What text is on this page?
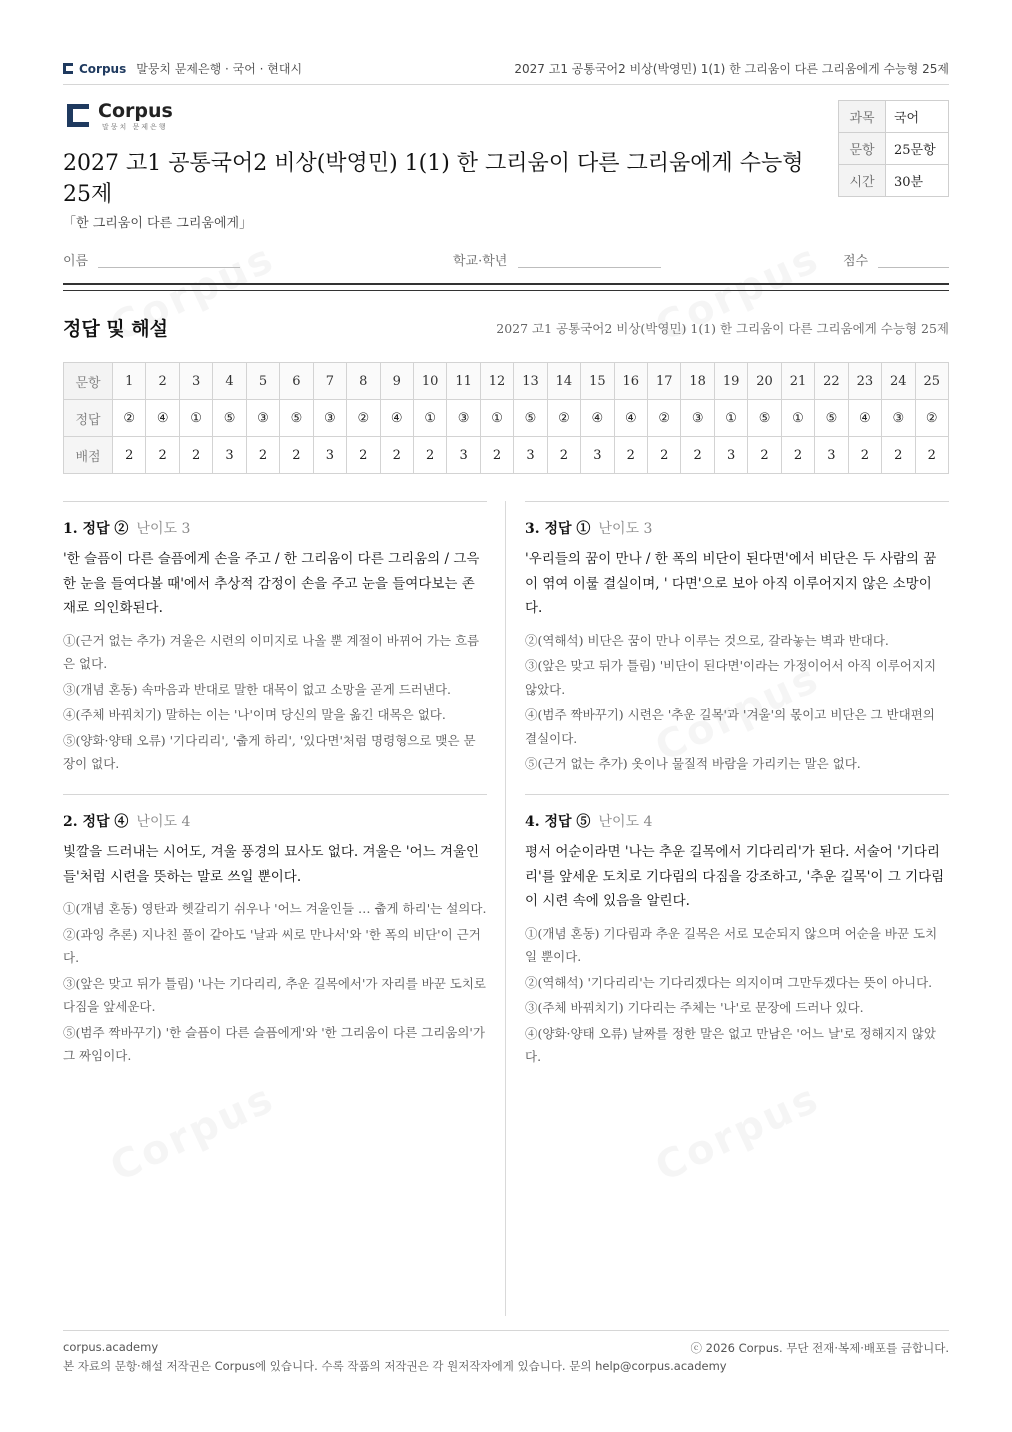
Corpus 말뭉치 문제은행 · 국어 · 현대시	2027 고1 공통국어2 비상(박영민) 1(1) 한 그리움이 다른 그리움에게 수능형 25제
Corpus
말뭉치 문제은행
2027 고1 공통국어2 비상(박영민) 1(1) 한 그리움이 다른 그리움에게 수능형 25제
「한 그리움이 다른 그리움에게」
과목	국어
문항	25문항
시간	30분
이름	학교·학년	점수
정답 및 해설	2027 고1 공통국어2 비상(박영민) 1(1) 한 그리움이 다른 그리움에게 수능형 25제
문항	1	2	3	4	5	6	7	8	9	10	11	12	13	14	15	16	17	18	19	20	21	22	23	24	25
정답	②	④	①	⑤	③	⑤	③	②	④	①	③	①	⑤	②	④	④	②	③	①	⑤	①	⑤	④	③	②
배점	2	2	2	3	2	2	3	2	2	2	3	2	3	2	3	2	2	2	3	2	2	3	2	2	2
1. 정답 ② 난이도 3
'한 슬픔이 다른 슬픔에게 손을 주고 / 한 그리움이 다른 그리움의 / 그윽한 눈을 들여다볼 때'에서 추상적 감정이 손을 주고 눈을 들여다보는 존재로 의인화된다.
①(근거 없는 추가) 겨울은 시련의 이미지로 나올 뿐 계절이 바뀌어 가는 흐름은 없다.
③(개념 혼동) 속마음과 반대로 말한 대목이 없고 소망을 곧게 드러낸다.
④(주체 바꿔치기) 말하는 이는 '나'이며 당신의 말을 옮긴 대목은 없다.
⑤(양화·양태 오류) '기다리리', '춥게 하리', '있다면'처럼 명령형으로 맺은 문장이 없다.
2. 정답 ④ 난이도 4
빛깔을 드러내는 시어도, 겨울 풍경의 묘사도 없다. 겨울은 '어느 겨울인들'처럼 시련을 뜻하는 말로 쓰일 뿐이다.
①(개념 혼동) 영탄과 헷갈리기 쉬우나 '어느 겨울인들 … 춥게 하리'는 설의다.
②(과잉 추론) 지나친 풀이 같아도 '날과 씨로 만나서'와 '한 폭의 비단'이 근거다.
③(앞은 맞고 뒤가 틀림) '나는 기다리리, 추운 길목에서'가 자리를 바꾼 도치로 다짐을 앞세운다.
⑤(범주 짝바꾸기) '한 슬픔이 다른 슬픔에게'와 '한 그리움이 다른 그리움의'가 그 짜임이다.
3. 정답 ① 난이도 3
'우리들의 꿈이 만나 / 한 폭의 비단이 된다면'에서 비단은 두 사람의 꿈이 엮여 이룰 결실이며, ' 다면'으로 보아 아직 이루어지지 않은 소망이다.
②(역해석) 비단은 꿈이 만나 이루는 것으로, 갈라놓는 벽과 반대다.
③(앞은 맞고 뒤가 틀림) '비단이 된다면'이라는 가정이어서 아직 이루어지지 않았다.
④(범주 짝바꾸기) 시련은 '추운 길목'과 '겨울'의 몫이고 비단은 그 반대편의 결실이다.
⑤(근거 없는 추가) 옷이나 물질적 바람을 가리키는 말은 없다.
4. 정답 ⑤ 난이도 4
평서 어순이라면 '나는 추운 길목에서 기다리리'가 된다. 서술어 '기다리리'를 앞세운 도치로 기다림의 다짐을 강조하고, '추운 길목'이 그 기다림이 시련 속에 있음을 알린다.
①(개념 혼동) 기다림과 추운 길목은 서로 모순되지 않으며 어순을 바꾼 도치일 뿐이다.
②(역해석) '기다리리'는 기다리겠다는 의지이며 그만두겠다는 뜻이 아니다.
③(주체 바꿔치기) 기다리는 주체는 '나'로 문장에 드러나 있다.
④(양화·양태 오류) 날짜를 정한 말은 없고 만남은 '어느 날'로 정해지지 않았다.
corpus.academy	ⓒ 2026 Corpus. 무단 전재·복제·배포를 금합니다.
본 자료의 문항·해설 저작권은 Corpus에 있습니다. 수록 작품의 저작권은 각 원저작자에게 있습니다. 문의 help@corpus.academy
